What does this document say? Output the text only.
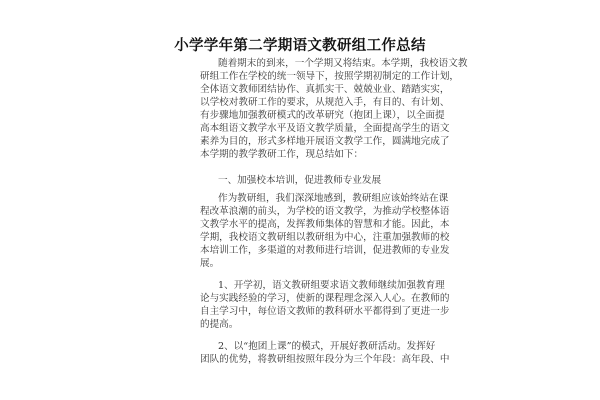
小学学年第二学期语文教研组工作总结
随着期末的到来，一个学期又将结束。本学期，我校语文教
研组工作在学校的统一领导下，按照学期初制定的工作计划，
全体语文教师团结协作、真抓实干、兢兢业业、踏踏实实，
以学校对教研工作的要求，从规范入手，有目的、有计划、
有步骤地加强教研模式的改革研究（抱团上课），以全面提
高本组语文教学水平及语文教学质量，全面提高学生的语文
素养为目的，形式多样地开展语文教学工作，圆满地完成了
本学期的教学教研工作，现总结如下：
一、加强校本培训，促进教师专业发展
作为教研组，我们深深地感到，教研组应该始终站在课
程改革浪潮的前头，为学校的语文教学，为推动学校整体语
文教学水平的提高，发挥教师集体的智慧和才能。因此，本
学期，我校语文教研组以教研组为中心，注重加强教师的校
本培训工作，多渠道的对教师进行培训，促进教师的专业发
展。
1、开学初，语文教研组要求语文教师继续加强教育理
论与实践经验的学习，使新的课程理念深入人心。在教师的
自主学习中，每位语文教师的教科研水平都得到了更进一步
的提高。
2、以“抱团上课”的模式，开展好教研活动。发挥好
团队的优势，将教研组按照年段分为三个年段：高年段、中
